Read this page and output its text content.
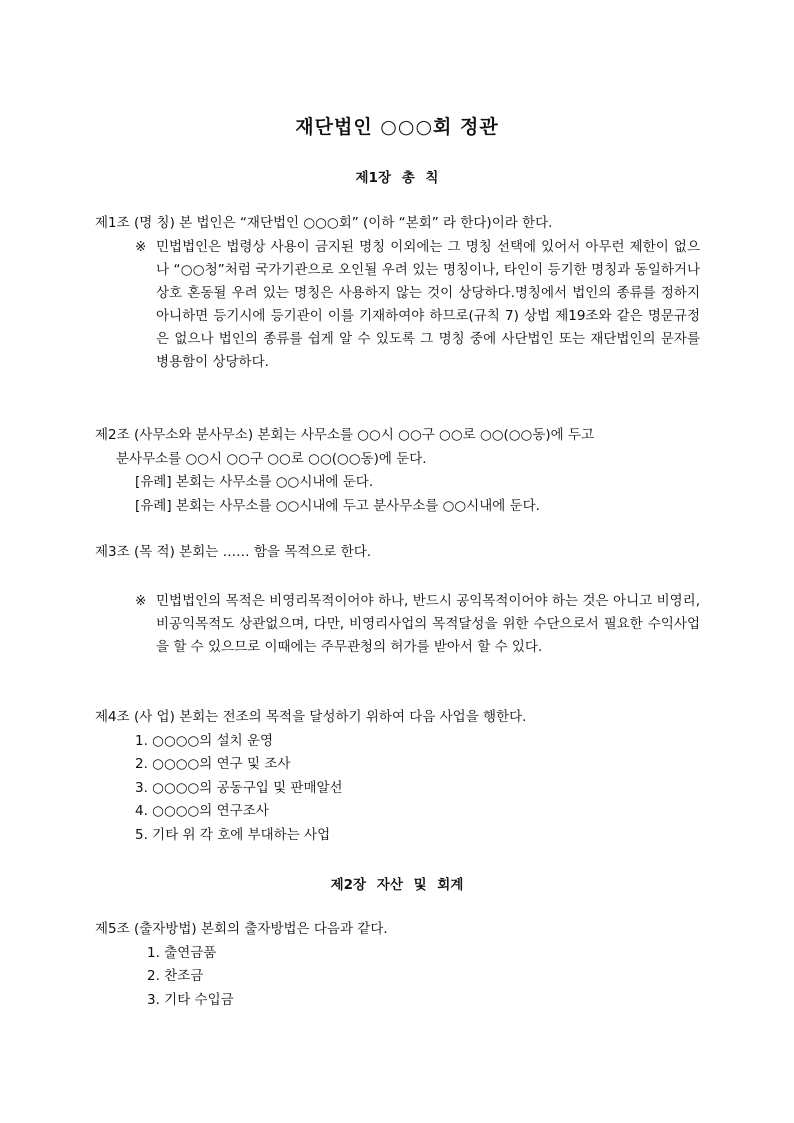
재단법인 ○○○회 정관
제1장 총 칙
제1조 (명 칭) 본 법인은 “재단법인 ○○○회” (이하 “본회” 라 한다)이라 한다.
※ 민법법인은 법령상 사용이 금지된 명칭 이외에는 그 명칭 선택에 있어서 아무런 제한이 없으나 “○○청”처럼 국가기관으로 오인될 우려 있는 명칭이나, 타인이 등기한 명칭과 동일하거나 상호 혼동될 우려 있는 명칭은 사용하지 않는 것이 상당하다.명칭에서 법인의 종류를 정하지 아니하면 등기시에 등기관이 이를 기재하여야 하므로(규칙 7) 상법 제19조와 같은 명문규정은 없으나 법인의 종류를 쉽게 알 수 있도록 그 명칭 중에 사단법인 또는 재단법인의 문자를 병용함이 상당하다.
제2조 (사무소와 분사무소) 본회는 사무소를 ○○시 ○○구 ○○로 ○○(○○동)에 두고
분사무소를 ○○시 ○○구 ○○로 ○○(○○동)에 둔다.
[유례] 본회는 사무소를 ○○시내에 둔다.
[유례] 본회는 사무소를 ○○시내에 두고 분사무소를 ○○시내에 둔다.
제3조 (목 적) 본회는 …… 함을 목적으로 한다.
※ 민법법인의 목적은 비영리목적이어야 하나, 반드시 공익목적이어야 하는 것은 아니고 비영리, 비공익목적도 상관없으며, 다만, 비영리사업의 목적달성을 위한 수단으로서 필요한 수익사업을 할 수 있으므로 이때에는 주무관청의 허가를 받아서 할 수 있다.
제4조 (사 업) 본회는 전조의 목적을 달성하기 위하여 다음 사업을 행한다.
1. ○○○○의 설치 운영
2. ○○○○의 연구 및 조사
3. ○○○○의 공동구입 및 판매알선
4. ○○○○의 연구조사
5. 기타 위 각 호에 부대하는 사업
제2장 자산 및 회계
제5조 (출자방법) 본회의 출자방법은 다음과 같다.
1. 출연금품
2. 찬조금
3. 기타 수입금
